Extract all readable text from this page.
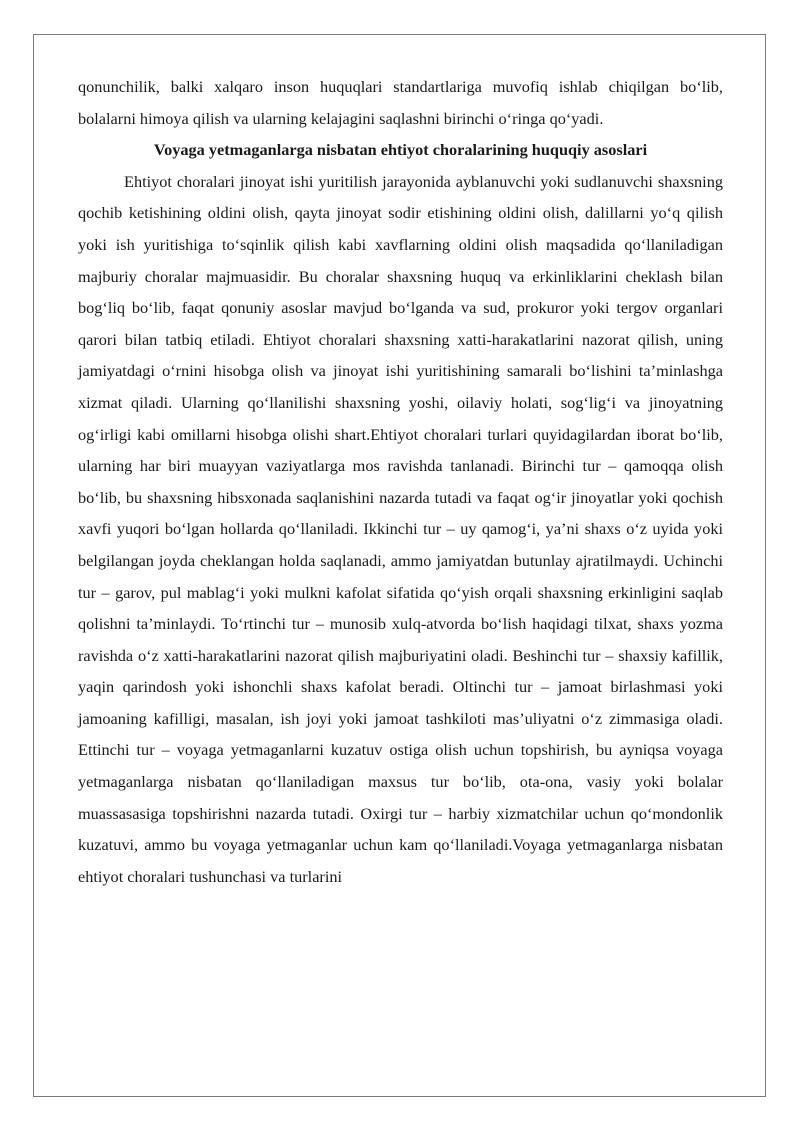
qonunchilik, balki xalqaro inson huquqlari standartlariga muvofiq ishlab chiqilgan bo‘lib, bolalarni himoya qilish va ularning kelajagini saqlashni birinchi o‘ringa qo‘yadi.

Voyaga yetmaganlarga nisbatan ehtiyot choralarining huquqiy asoslari

Ehtiyot choralari jinoyat ishi yuritilish jarayonida ayblanuvchi yoki sudlanuvchi shaxsning qochib ketishining oldini olish, qayta jinoyat sodir etishining oldini olish, dalillarni yo‘q qilish yoki ish yuritishiga to‘sqinlik qilish kabi xavflarning oldini olish maqsadida qo‘llaniladigan majburiy choralar majmuasidir. Bu choralar shaxsning huquq va erkinliklarini cheklash bilan bog‘liq bo‘lib, faqat qonuniy asoslar mavjud bo‘lganda va sud, prokuror yoki tergov organlari qarori bilan tatbiq etiladi. Ehtiyot choralari shaxsning xatti-harakatlarini nazorat qilish, uning jamiyatdagi o‘rnini hisobga olish va jinoyat ishi yuritishining samarali bo‘lishini ta’minlashga xizmat qiladi. Ularning qo‘llanilishi shaxsning yoshi, oilaviy holati, sog‘lig‘i va jinoyatning og‘irligi kabi omillarni hisobga olishi shart.Ehtiyot choralari turlari quyidagilardan iborat bo‘lib, ularning har biri muayyan vaziyatlarga mos ravishda tanlanadi. Birinchi tur – qamoqqa olish bo‘lib, bu shaxsning hibsxonada saqlanishini nazarda tutadi va faqat og‘ir jinoyatlar yoki qochish xavfi yuqori bo‘lgan hollarda qo‘llaniladi. Ikkinchi tur – uy qamog‘i, ya’ni shaxs o‘z uyida yoki belgilangan joyda cheklangan holda saqlanadi, ammo jamiyatdan butunlay ajratilmaydi. Uchinchi tur – garov, pul mablag‘i yoki mulkni kafolat sifatida qo‘yish orqali shaxsning erkinligini saqlab qolishni ta’minlaydi. To‘rtinchi tur – munosib xulq-atvorda bo‘lish haqidagi tilxat, shaxs yozma ravishda o‘z xatti-harakatlarini nazorat qilish majburiyatini oladi. Beshinchi tur – shaxsiy kafillik, yaqin qarindosh yoki ishonchli shaxs kafolat beradi. Oltinchi tur – jamoat birlashmasi yoki jamoaning kafilligi, masalan, ish joyi yoki jamoat tashkiloti mas’uliyatni o‘z zimmasiga oladi. Ettinchi tur – voyaga yetmaganlarni kuzatuv ostiga olish uchun topshirish, bu ayniqsa voyaga yetmaganlarga nisbatan qo‘llaniladigan maxsus tur bo‘lib, ota-ona, vasiy yoki bolalar muassasasiga topshirishni nazarda tutadi. Oxirgi tur – harbiy xizmatchilar uchun qo‘mondonlik kuzatuvi, ammo bu voyaga yetmaganlar uchun kam qo‘llaniladi.Voyaga yetmaganlarga nisbatan ehtiyot choralari tushunchasi va turlarini
